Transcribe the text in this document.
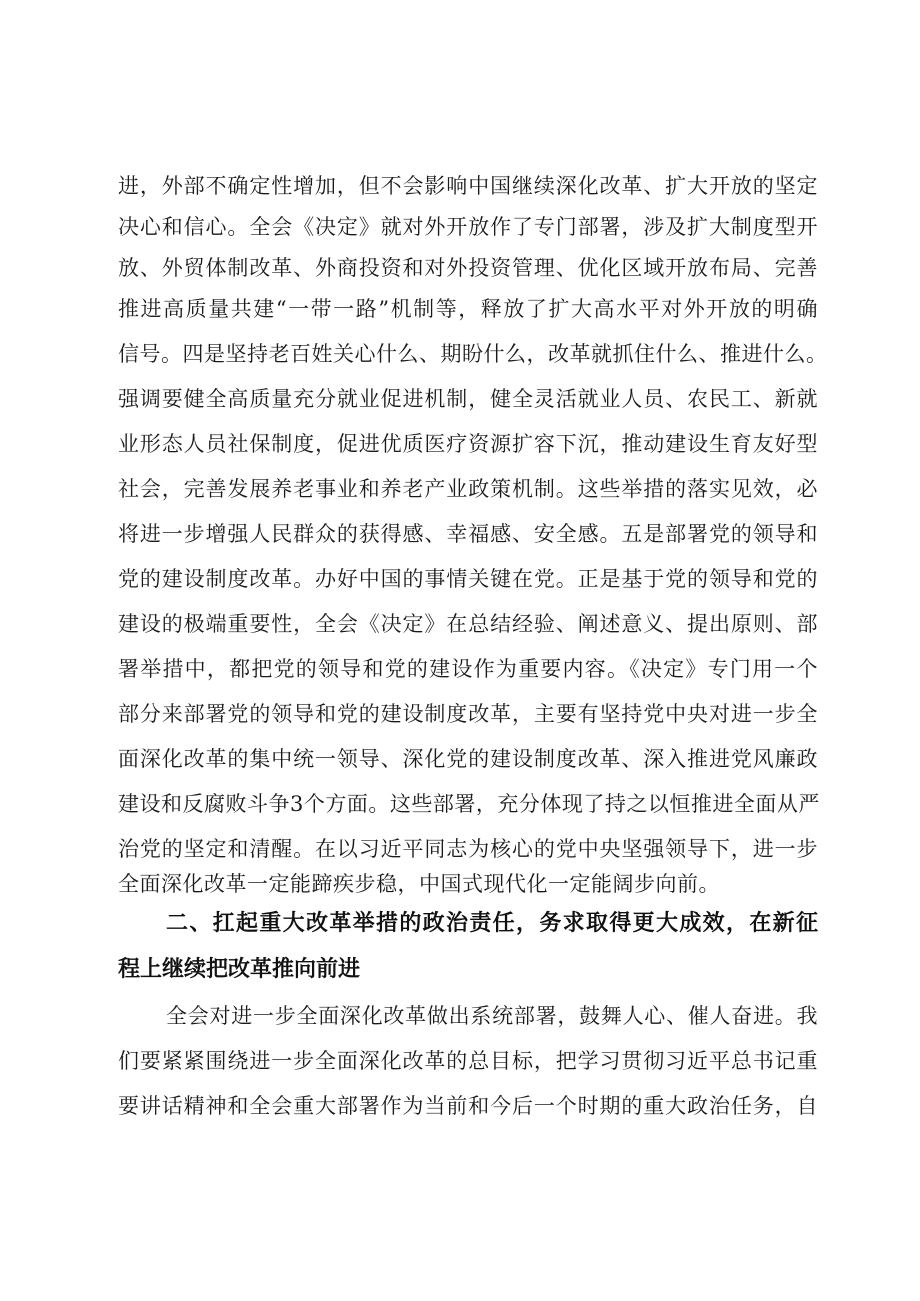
进，外部不确定性增加，但不会影响中国继续深化改革、扩大开放的坚定
决心和信心。全会《决定》就对外开放作了专门部署，涉及扩大制度型开
放、外贸体制改革、外商投资和对外投资管理、优化区域开放布局、完善
推进高质量共建“一带一路”机制等，释放了扩大高水平对外开放的明确
信号。四是坚持老百姓关心什么、期盼什么，改革就抓住什么、推进什么。
强调要健全高质量充分就业促进机制，健全灵活就业人员、农民工、新就
业形态人员社保制度，促进优质医疗资源扩容下沉，推动建设生育友好型
社会，完善发展养老事业和养老产业政策机制。这些举措的落实见效，必
将进一步增强人民群众的获得感、幸福感、安全感。五是部署党的领导和
党的建设制度改革。办好中国的事情关键在党。正是基于党的领导和党的
建设的极端重要性，全会《决定》在总结经验、阐述意义、提出原则、部
署举措中，都把党的领导和党的建设作为重要内容。《决定》专门用一个
部分来部署党的领导和党的建设制度改革，主要有坚持党中央对进一步全
面深化改革的集中统一领导、深化党的建设制度改革、深入推进党风廉政
建设和反腐败斗争3个方面。这些部署，充分体现了持之以恒推进全面从严
治党的坚定和清醒。在以习近平同志为核心的党中央坚强领导下，进一步
全面深化改革一定能蹄疾步稳，中国式现代化一定能阔步向前。
二、扛起重大改革举措的政治责任，务求取得更大成效，在新征
程上继续把改革推向前进
全会对进一步全面深化改革做出系统部署，鼓舞人心、催人奋进。我
们要紧紧围绕进一步全面深化改革的总目标，把学习贯彻习近平总书记重
要讲话精神和全会重大部署作为当前和今后一个时期的重大政治任务，自
